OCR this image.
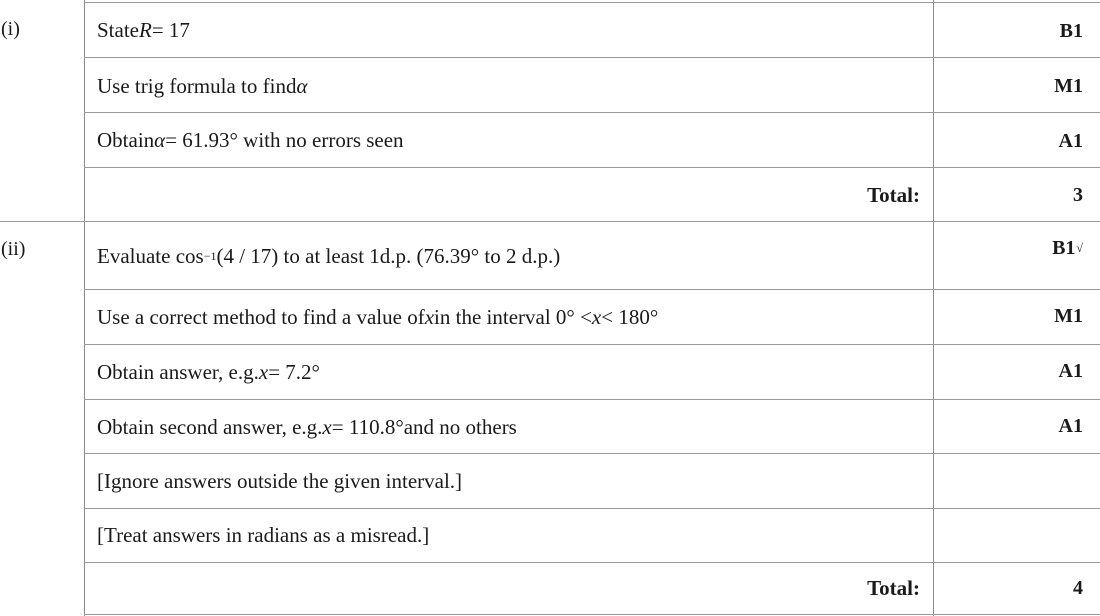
(i)	State R = 17	B1
Use trig formula to find α	M1
Obtain α = 61.93° with no errors seen	A1
Total:	3
(ii)	Evaluate cos −1 (4 / 17) to at least 1d.p. (76.39° to 2 d.p.)	B1 √
Use a correct method to find a value of x in the interval 0° < x < 180°	M1
Obtain answer, e.g. x = 7.2°	A1
Obtain second answer, e.g. x = 110.8°and no others	A1
[Ignore answers outside the given interval.]
[Treat answers in radians as a misread.]
Total:	4
